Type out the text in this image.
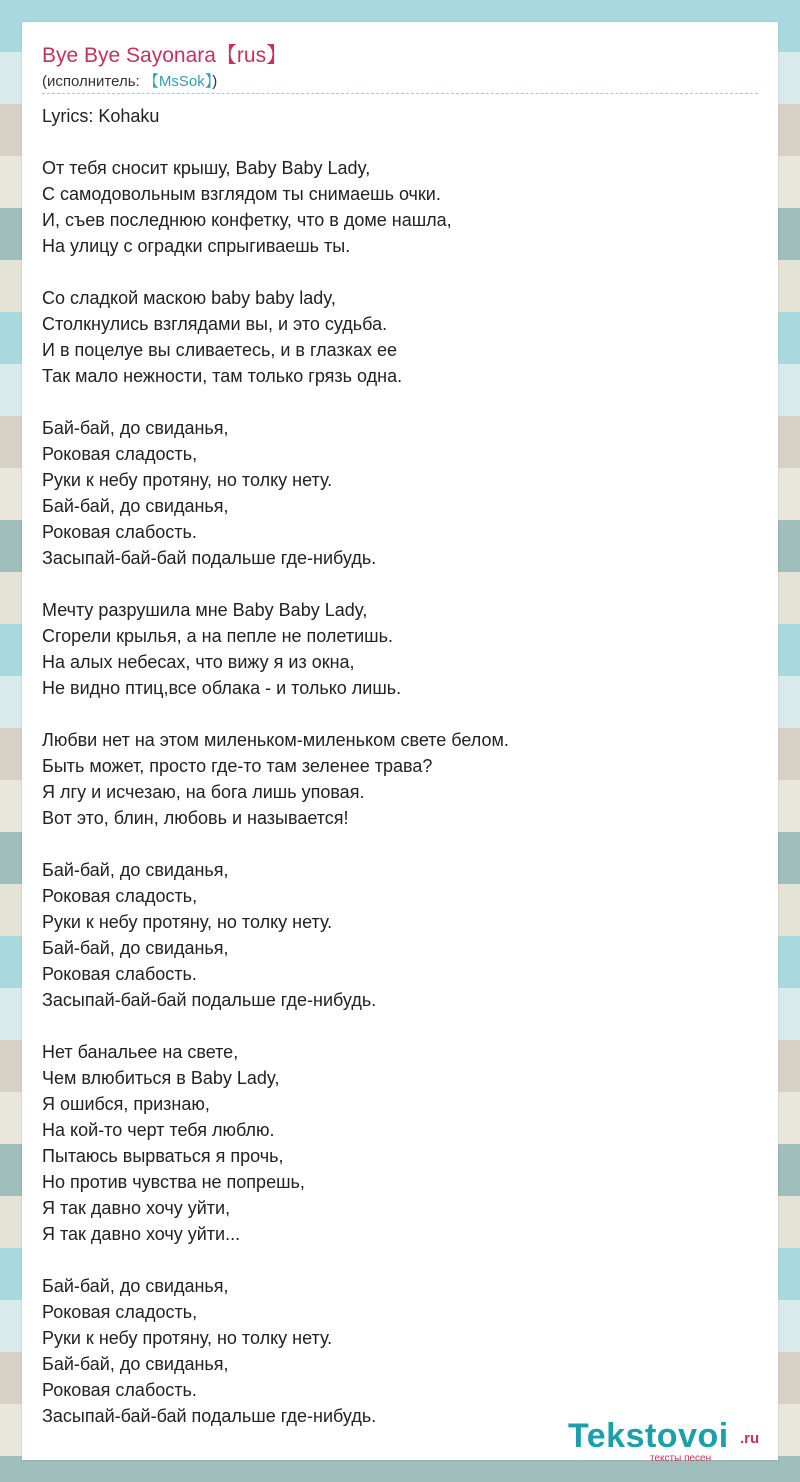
Bye Bye Sayonara【rus】
(исполнитель: 【MsSok】)
Lyrics: Kohaku

От тебя сносит крышу, Baby Baby Lady,
С самодовольным взглядом ты снимаешь очки.
И, съев последнюю конфетку, что в доме нашла,
На улицу с оградки спрыгиваешь ты.

Со сладкой маскою baby baby lady,
Столкнулись взглядами вы, и это судьба.
И в поцелуе вы сливаетесь, и в глазках ее
Так мало нежности, там только грязь одна.

Бай-бай, до свиданья,
Роковая сладость,
Руки к небу протяну, но толку нету.
Бай-бай, до свиданья,
Роковая слабость.
Засыпай-бай-бай подальше где-нибудь.

Мечту разрушила мне Baby Baby Lady,
Сгорели крылья, а на пепле не полетишь.
На алых небесах, что вижу я из окна,
Не видно птиц,все облака - и только лишь.

Любви нет на этом миленьком-миленьком свете белом.
Быть может, просто где-то там зеленее трава?
Я лгу и исчезаю, на бога лишь уповая.
Вот это, блин, любовь и называется!

Бай-бай, до свиданья,
Роковая сладость,
Руки к небу протяну, но толку нету.
Бай-бай, до свиданья,
Роковая слабость.
Засыпай-бай-бай подальше где-нибудь.

Нет банальее на свете,
Чем влюбиться в Baby Lady,
Я ошибся, признаю,
На кой-то черт тебя люблю.
Пытаюсь вырваться я прочь,
Но против чувства не попрешь,
Я так давно хочу уйти,
Я так давно хочу уйти...

Бай-бай, до свиданья,
Роковая сладость,
Руки к небу протяну, но толку нету.
Бай-бай, до свиданья,
Роковая слабость.
Засыпай-бай-бай подальше где-нибудь.
Tekstovoi .ru
тексты песен
